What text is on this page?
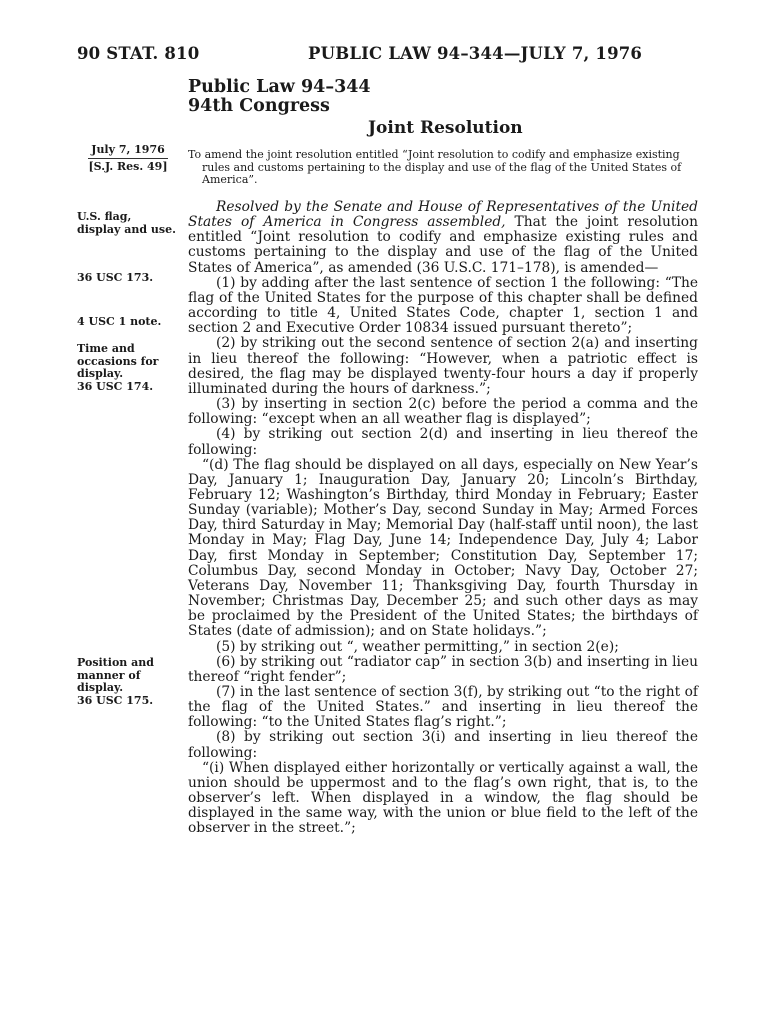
90 STAT. 810	PUBLIC LAW 94–344—JULY 7, 1976
Public Law 94–344
94th Congress
Joint Resolution
July 7, 1976
[S.J. Res. 49]
To amend the joint resolution entitled “Joint resolution to codify and emphasize existing rules and customs pertaining to the display and use of the flag of the United States of America”.
U.S. flag, display and use.
36 USC 173.
4 USC 1 note.
Time and occasions for display.
36 USC 174.
Position and manner of display.
36 USC 175.

Resolved by the Senate and House of Representatives of the United States of America in Congress assembled, That the joint resolution entitled “Joint resolution to codify and emphasize existing rules and customs pertaining to the display and use of the flag of the United States of America”, as amended (36 U.S.C. 171–178), is amended—

(1) by adding after the last sentence of section 1 the following: “The flag of the United States for the purpose of this chapter shall be defined according to title 4, United States Code, chapter 1, section 1 and section 2 and Executive Order 10834 issued pursuant thereto”;

(2) by striking out the second sentence of section 2(a) and inserting in lieu thereof the following: “However, when a patriotic effect is desired, the flag may be displayed twenty-four hours a day if properly illuminated during the hours of darkness.”;

(3) by inserting in section 2(c) before the period a comma and the following: “except when an all weather flag is displayed”;

(4) by striking out section 2(d) and inserting in lieu thereof the following:

“(d) The flag should be displayed on all days, especially on New Year’s Day, January 1; Inauguration Day, January 20; Lincoln’s Birthday, February 12; Washington’s Birthday, third Monday in February; Easter Sunday (variable); Mother’s Day, second Sunday in May; Armed Forces Day, third Saturday in May; Memorial Day (half-staff until noon), the last Monday in May; Flag Day, June 14; Independence Day, July 4; Labor Day, first Monday in September; Constitution Day, September 17; Columbus Day, second Monday in October; Navy Day, October 27; Veterans Day, November 11; Thanksgiving Day, fourth Thursday in November; Christmas Day, December 25; and such other days as may be proclaimed by the President of the United States; the birthdays of States (date of admission); and on State holidays.”;

(5) by striking out “, weather permitting,” in section 2(e);

(6) by striking out “radiator cap” in section 3(b) and inserting in lieu thereof “right fender”;

(7) in the last sentence of section 3(f), by striking out “to the right of the flag of the United States.” and inserting in lieu thereof the following: “to the United States flag’s right.”;

(8) by striking out section 3(i) and inserting in lieu thereof the following:

“(i) When displayed either horizontally or vertically against a wall, the union should be uppermost and to the flag’s own right, that is, to the observer’s left. When displayed in a window, the flag should be displayed in the same way, with the union or blue field to the left of the observer in the street.”;
